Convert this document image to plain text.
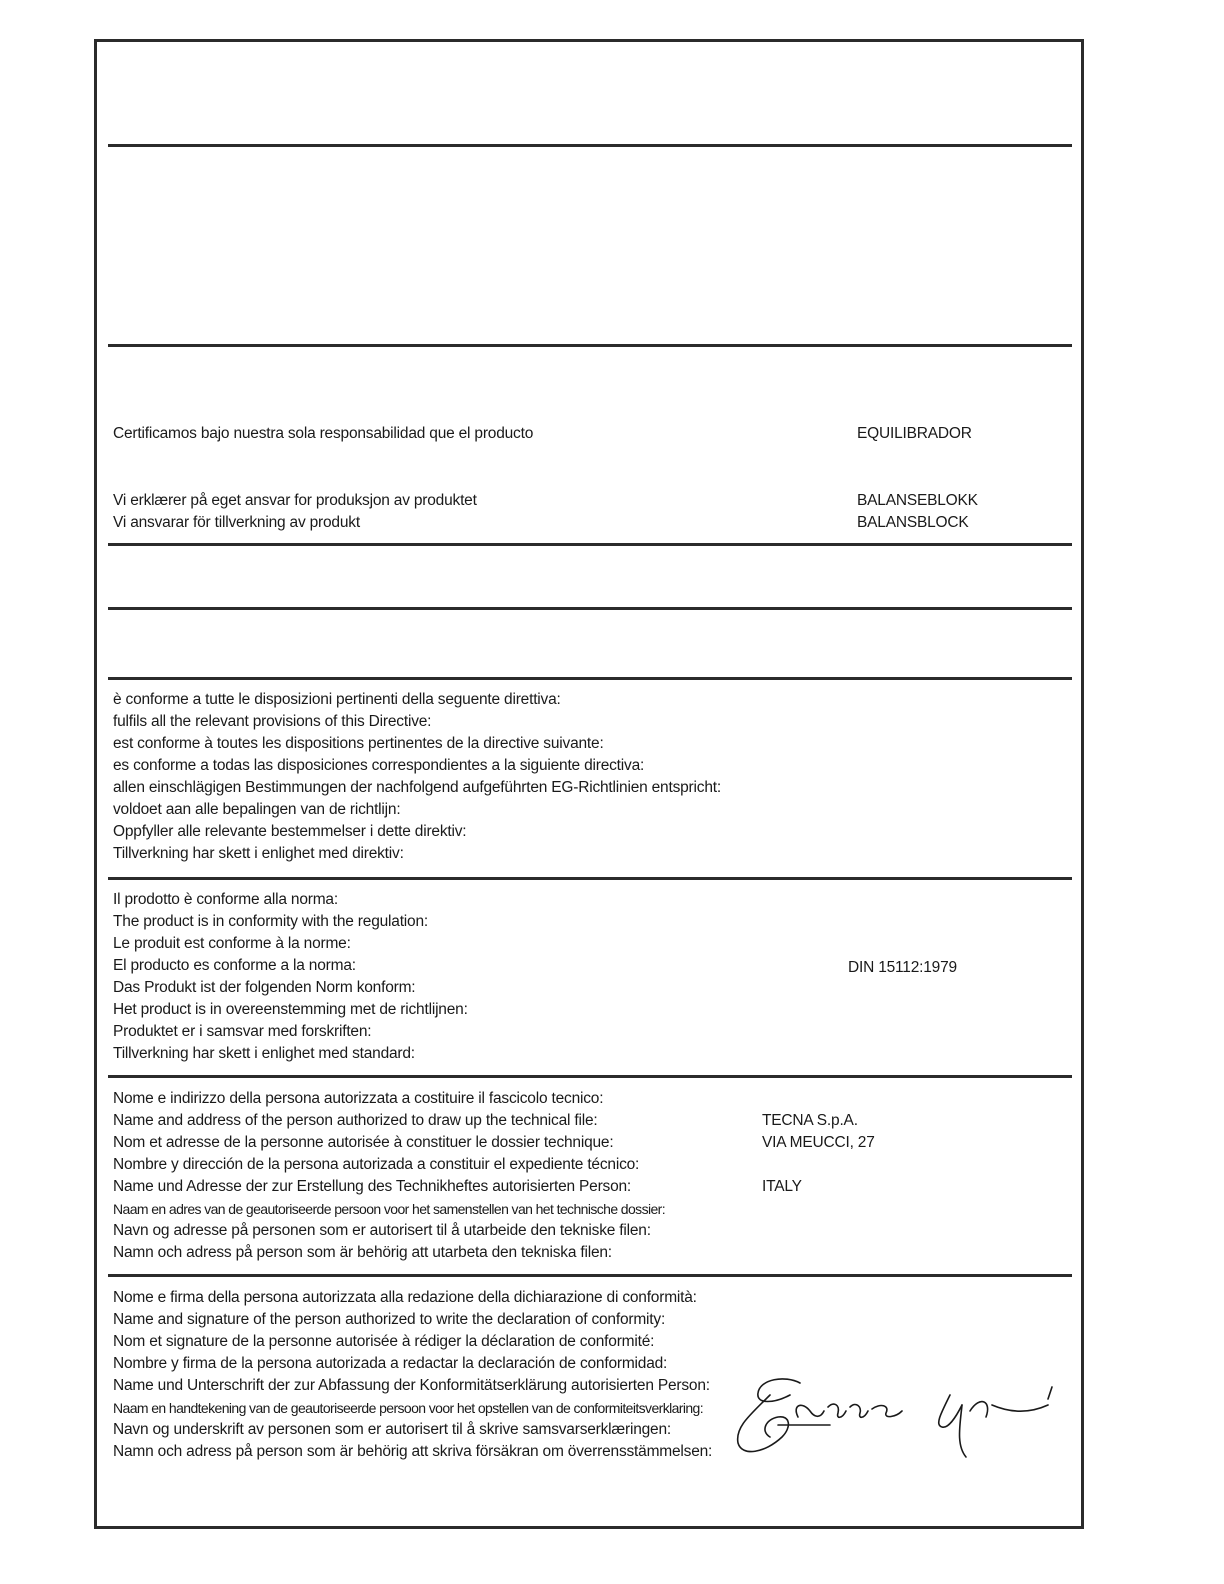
Certificamos bajo nuestra sola responsabilidad que el producto	EQUILIBRADOR
Vi erklærer på eget ansvar for produksjon av produktet	BALANSEBLOKK
Vi ansvarar för tillverkning av produkt	BALANSBLOCK
è conforme a tutte le disposizioni pertinenti della seguente direttiva:
fulfils all the relevant provisions of this Directive:
est conforme à toutes les dispositions pertinentes de la directive suivante:
es conforme a todas las disposiciones correspondientes a la siguiente directiva:
allen einschlägigen Bestimmungen der nachfolgend aufgeführten EG-Richtlinien entspricht:
voldoet aan alle bepalingen van de richtlijn:
Oppfyller alle relevante bestemmelser i dette direktiv:
Tillverkning har skett i enlighet med direktiv:
Il prodotto è conforme alla norma:
The product is in conformity with the regulation:
Le produit est conforme à la norme:
El producto es conforme a la norma:
Das Produkt ist der folgenden Norm konform:
Het product is in overeenstemming met de richtlijnen:
Produktet er i samsvar med forskriften:
Tillverkning har skett i enlighet med standard:
DIN 15112:1979
Nome e indirizzo della persona autorizzata a costituire il fascicolo tecnico:
Name and address of the person authorized to draw up the technical file:
Nom et adresse de la personne autorisée à constituer le dossier technique:
Nombre y dirección de la persona autorizada a constituir el expediente técnico:
Name und Adresse der zur Erstellung des Technikheftes autorisierten Person:
Naam en adres van de geautoriseerde persoon voor het samenstellen van het technische dossier:
Navn og adresse på personen som er autorisert til å utarbeide den tekniske filen:
Namn och adress på person som är behörig att utarbeta den tekniska filen:
TECNA S.p.A.
VIA MEUCCI, 27
ITALY
Nome e firma della persona autorizzata alla redazione della dichiarazione di conformità:
Name and signature of the person authorized to write the declaration of conformity:
Nom et signature de la personne autorisée à rédiger la déclaration de conformité:
Nombre y firma de la persona autorizada a redactar la declaración de conformidad:
Name und Unterschrift der zur Abfassung der Konformitätserklärung autorisierten Person:
Naam en handtekening van de geautoriseerde persoon voor het opstellen van de conformiteitsverklaring:
Navn og underskrift av personen som er autorisert til å skrive samsvarserklæringen:
Namn och adress på person som är behörig att skriva försäkran om överrensstämmelsen:
